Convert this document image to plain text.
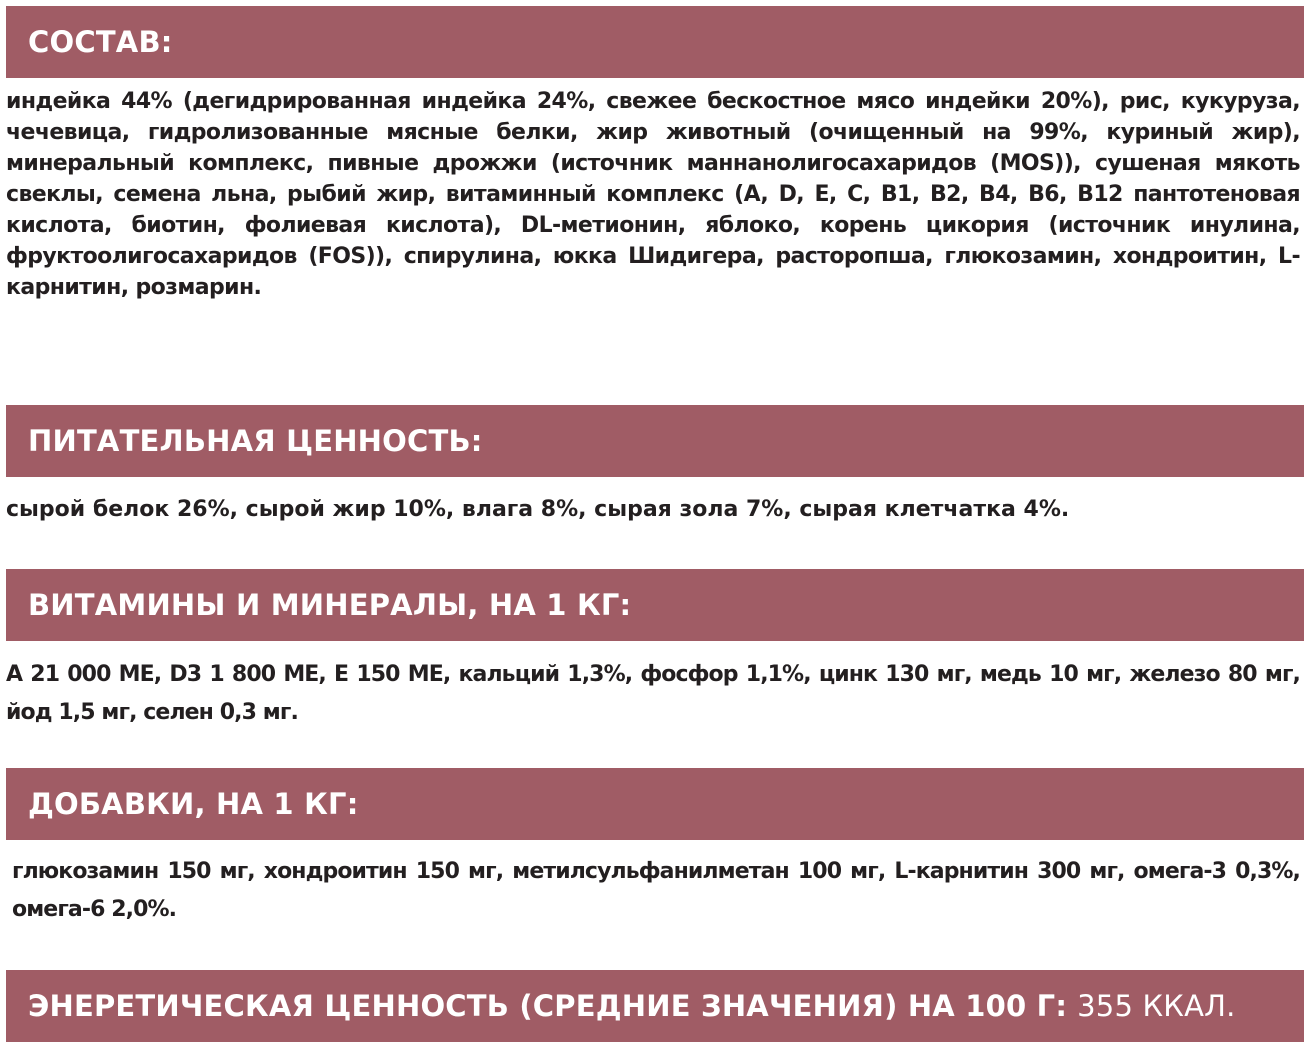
СОСТАВ:

индейка 44% (дегидрированная индейка 24%, свежее бескостное мясо индейки 20%), рис, кукуруза, чечевица, гидролизованные мясные белки, жир животный (очищенный на 99%, куриный жир), минеральный комплекс, пивные дрожжи (источник маннанолигосахаридов (MOS)), сушеная мякоть свеклы, семена льна, рыбий жир, витаминный комплекс (A, D, E, C, B1, B2, B4, B6, B12 пантотеновая кислота, биотин, фолиевая кислота), DL-метионин, яблоко, корень цикория (источник инулина, фруктоолигосахаридов (FOS)), спирулина, юкка Шидигера, расторопша, глюкозамин, хондроитин, L-карнитин, розмарин.

ПИТАТЕЛЬНАЯ ЦЕННОСТЬ:

сырой белок 26%, сырой жир 10%, влага 8%, сырая зола 7%, сырая клетчатка 4%.

ВИТАМИНЫ И МИНЕРАЛЫ, НА 1 КГ:

А 21 000 МЕ, D3 1 800 МЕ, Е 150 МЕ, кальций 1,3%, фосфор 1,1%, цинк 130 мг, медь 10 мг, железо 80 мг, йод 1,5 мг, селен 0,3 мг.

ДОБАВКИ, НА 1 КГ:

глюкозамин 150 мг, хондроитин 150 мг, метилсульфанилметан 100 мг, L-карнитин 300 мг, омега-3 0,3%, омега-6 2,0%.

ЭНЕРЕТИЧЕСКАЯ ЦЕННОСТЬ (СРЕДНИЕ ЗНАЧЕНИЯ) НА 100 Г: 355 ККАЛ.
